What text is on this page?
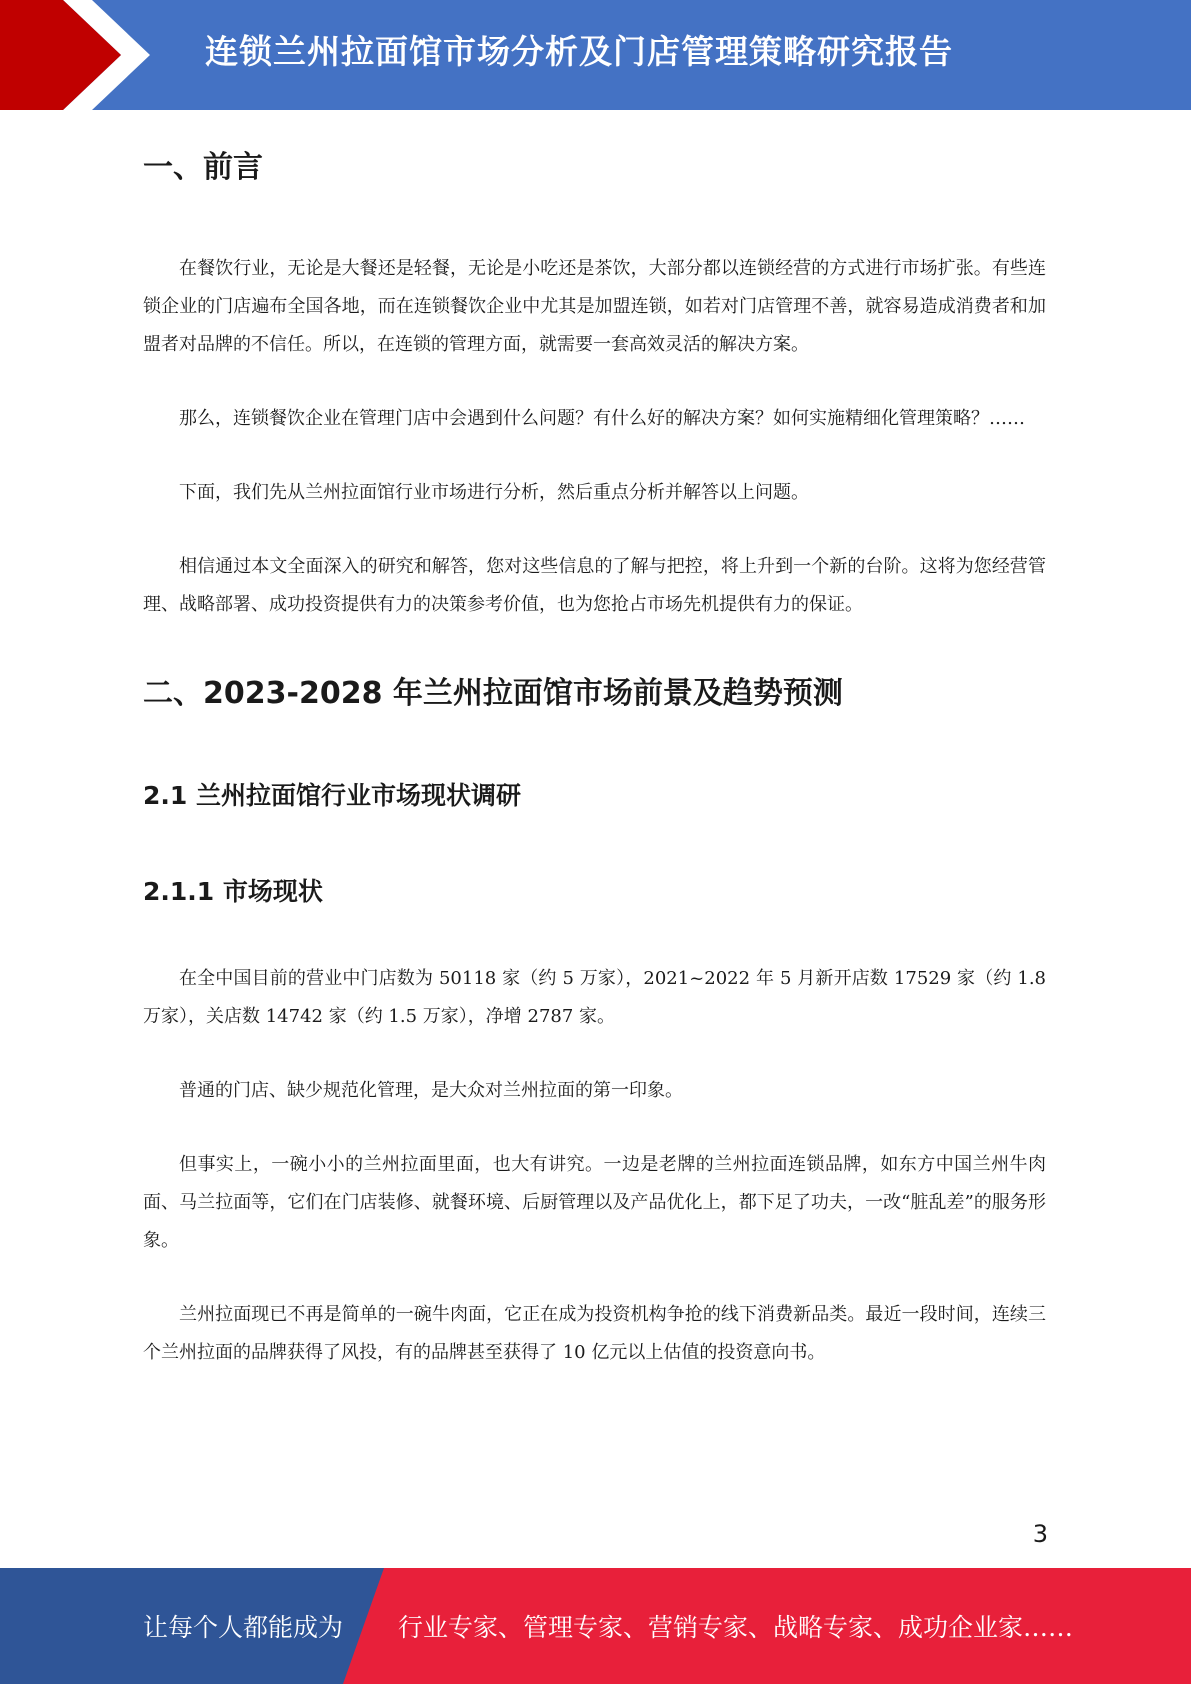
连锁兰州拉面馆市场分析及门店管理策略研究报告
一、前言

在餐饮行业，无论是大餐还是轻餐，无论是小吃还是茶饮，大部分都以连锁经营的方式进行市场扩张。有些连锁企业的门店遍布全国各地，而在连锁餐饮企业中尤其是加盟连锁，如若对门店管理不善，就容易造成消费者和加盟者对品牌的不信任。所以，在连锁的管理方面，就需要一套高效灵活的解决方案。

那么，连锁餐饮企业在管理门店中会遇到什么问题？有什么好的解决方案？如何实施精细化管理策略？……

下面，我们先从兰州拉面馆行业市场进行分析，然后重点分析并解答以上问题。

相信通过本文全面深入的研究和解答，您对这些信息的了解与把控，将上升到一个新的台阶。这将为您经营管理、战略部署、成功投资提供有力的决策参考价值，也为您抢占市场先机提供有力的保证。

二、2023-2028 年兰州拉面馆市场前景及趋势预测
2.1 兰州拉面馆行业市场现状调研
2.1.1 市场现状

在全中国目前的营业中门店数为 50118 家（约 5 万家），2021~2022 年 5 月新开店数 17529 家（约 1.8 万家），关店数 14742 家（约 1.5 万家），净增 2787 家。

普通的门店、缺少规范化管理，是大众对兰州拉面的第一印象。

但事实上，一碗小小的兰州拉面里面，也大有讲究。一边是老牌的兰州拉面连锁品牌，如东方中国兰州牛肉面、马兰拉面等，它们在门店装修、就餐环境、后厨管理以及产品优化上，都下足了功夫，一改“脏乱差”的服务形象。

兰州拉面现已不再是简单的一碗牛肉面，它正在成为投资机构争抢的线下消费新品类。最近一段时间，连续三个兰州拉面的品牌获得了风投，有的品牌甚至获得了 10 亿元以上估值的投资意向书。

3
让每个人都能成为 行业专家、管理专家、营销专家、战略专家、成功企业家……
